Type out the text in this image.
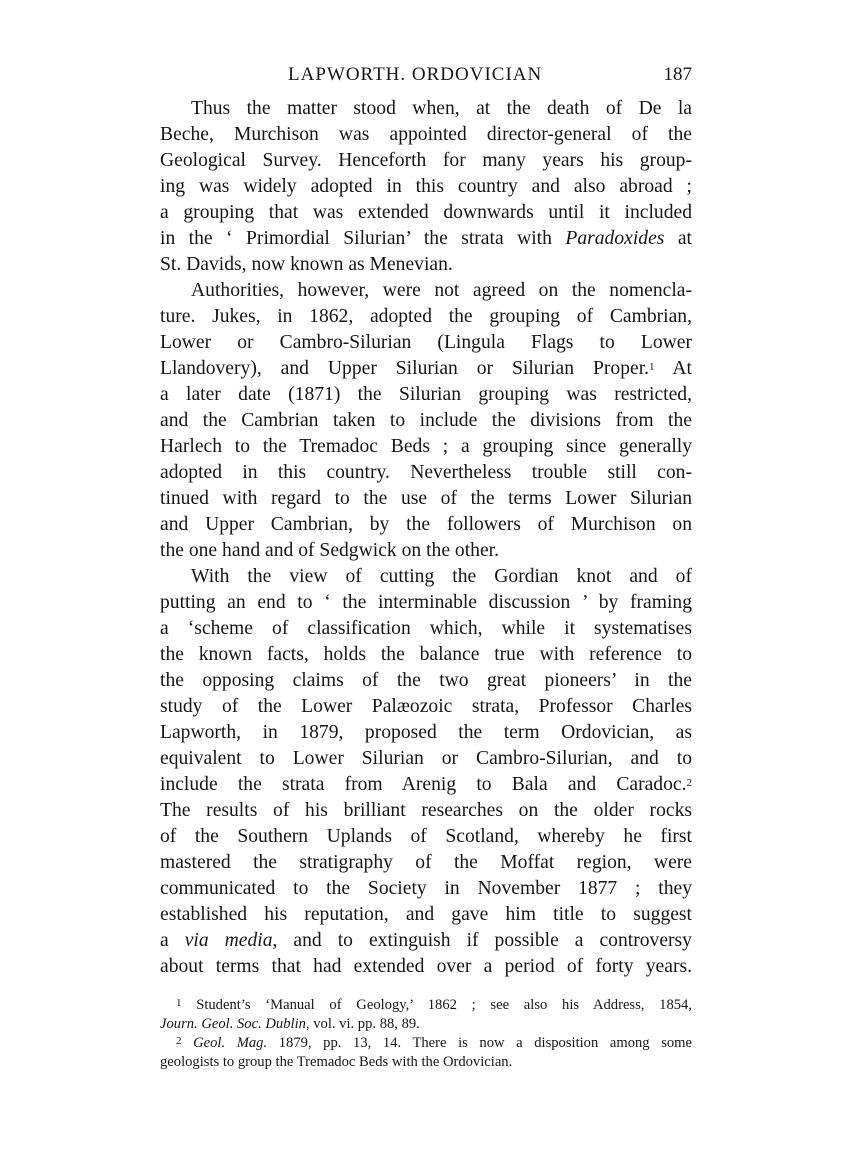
LAPWORTH. ORDOVICIAN	187
Thus the matter stood when, at the death of De la
Beche, Murchison was appointed director-general of the
Geological Survey. Henceforth for many years his group-
ing was widely adopted in this country and also abroad ;
a grouping that was extended downwards until it included
in the ‘ Primordial Silurian’ the strata with Paradoxides at
St. Davids, now known as Menevian.
Authorities, however, were not agreed on the nomencla-
ture. Jukes, in 1862, adopted the grouping of Cambrian,
Lower or Cambro-Silurian (Lingula Flags to Lower
Llandovery), and Upper Silurian or Silurian Proper.$^1$ At
a later date (1871) the Silurian grouping was restricted,
and the Cambrian taken to include the divisions from the
Harlech to the Tremadoc Beds ; a grouping since generally
adopted in this country. Nevertheless trouble still con-
tinued with regard to the use of the terms Lower Silurian
and Upper Cambrian, by the followers of Murchison on
the one hand and of Sedgwick on the other.
With the view of cutting the Gordian knot and of
putting an end to ‘ the interminable discussion ’ by framing
a ‘scheme of classification which, while it systematises
the known facts, holds the balance true with reference to
the opposing claims of the two great pioneers’ in the
study of the Lower Palæozoic strata, Professor Charles
Lapworth, in 1879, proposed the term Ordovician, as
equivalent to Lower Silurian or Cambro-Silurian, and to
include the strata from Arenig to Bala and Caradoc.$^2$
The results of his brilliant researches on the older rocks
of the Southern Uplands of Scotland, whereby he first
mastered the stratigraphy of the Moffat region, were
communicated to the Society in November 1877 ; they
established his reputation, and gave him title to suggest
a via media, and to extinguish if possible a controversy
about terms that had extended over a period of forty years.
$^1$ Student’s ‘Manual of Geology,’ 1862 ; see also his Address, 1854,
Journ. Geol. Soc. Dublin, vol. vi. pp. 88, 89.
$^2$ Geol. Mag. 1879, pp. 13, 14. There is now a disposition among some
geologists to group the Tremadoc Beds with the Ordovician.
